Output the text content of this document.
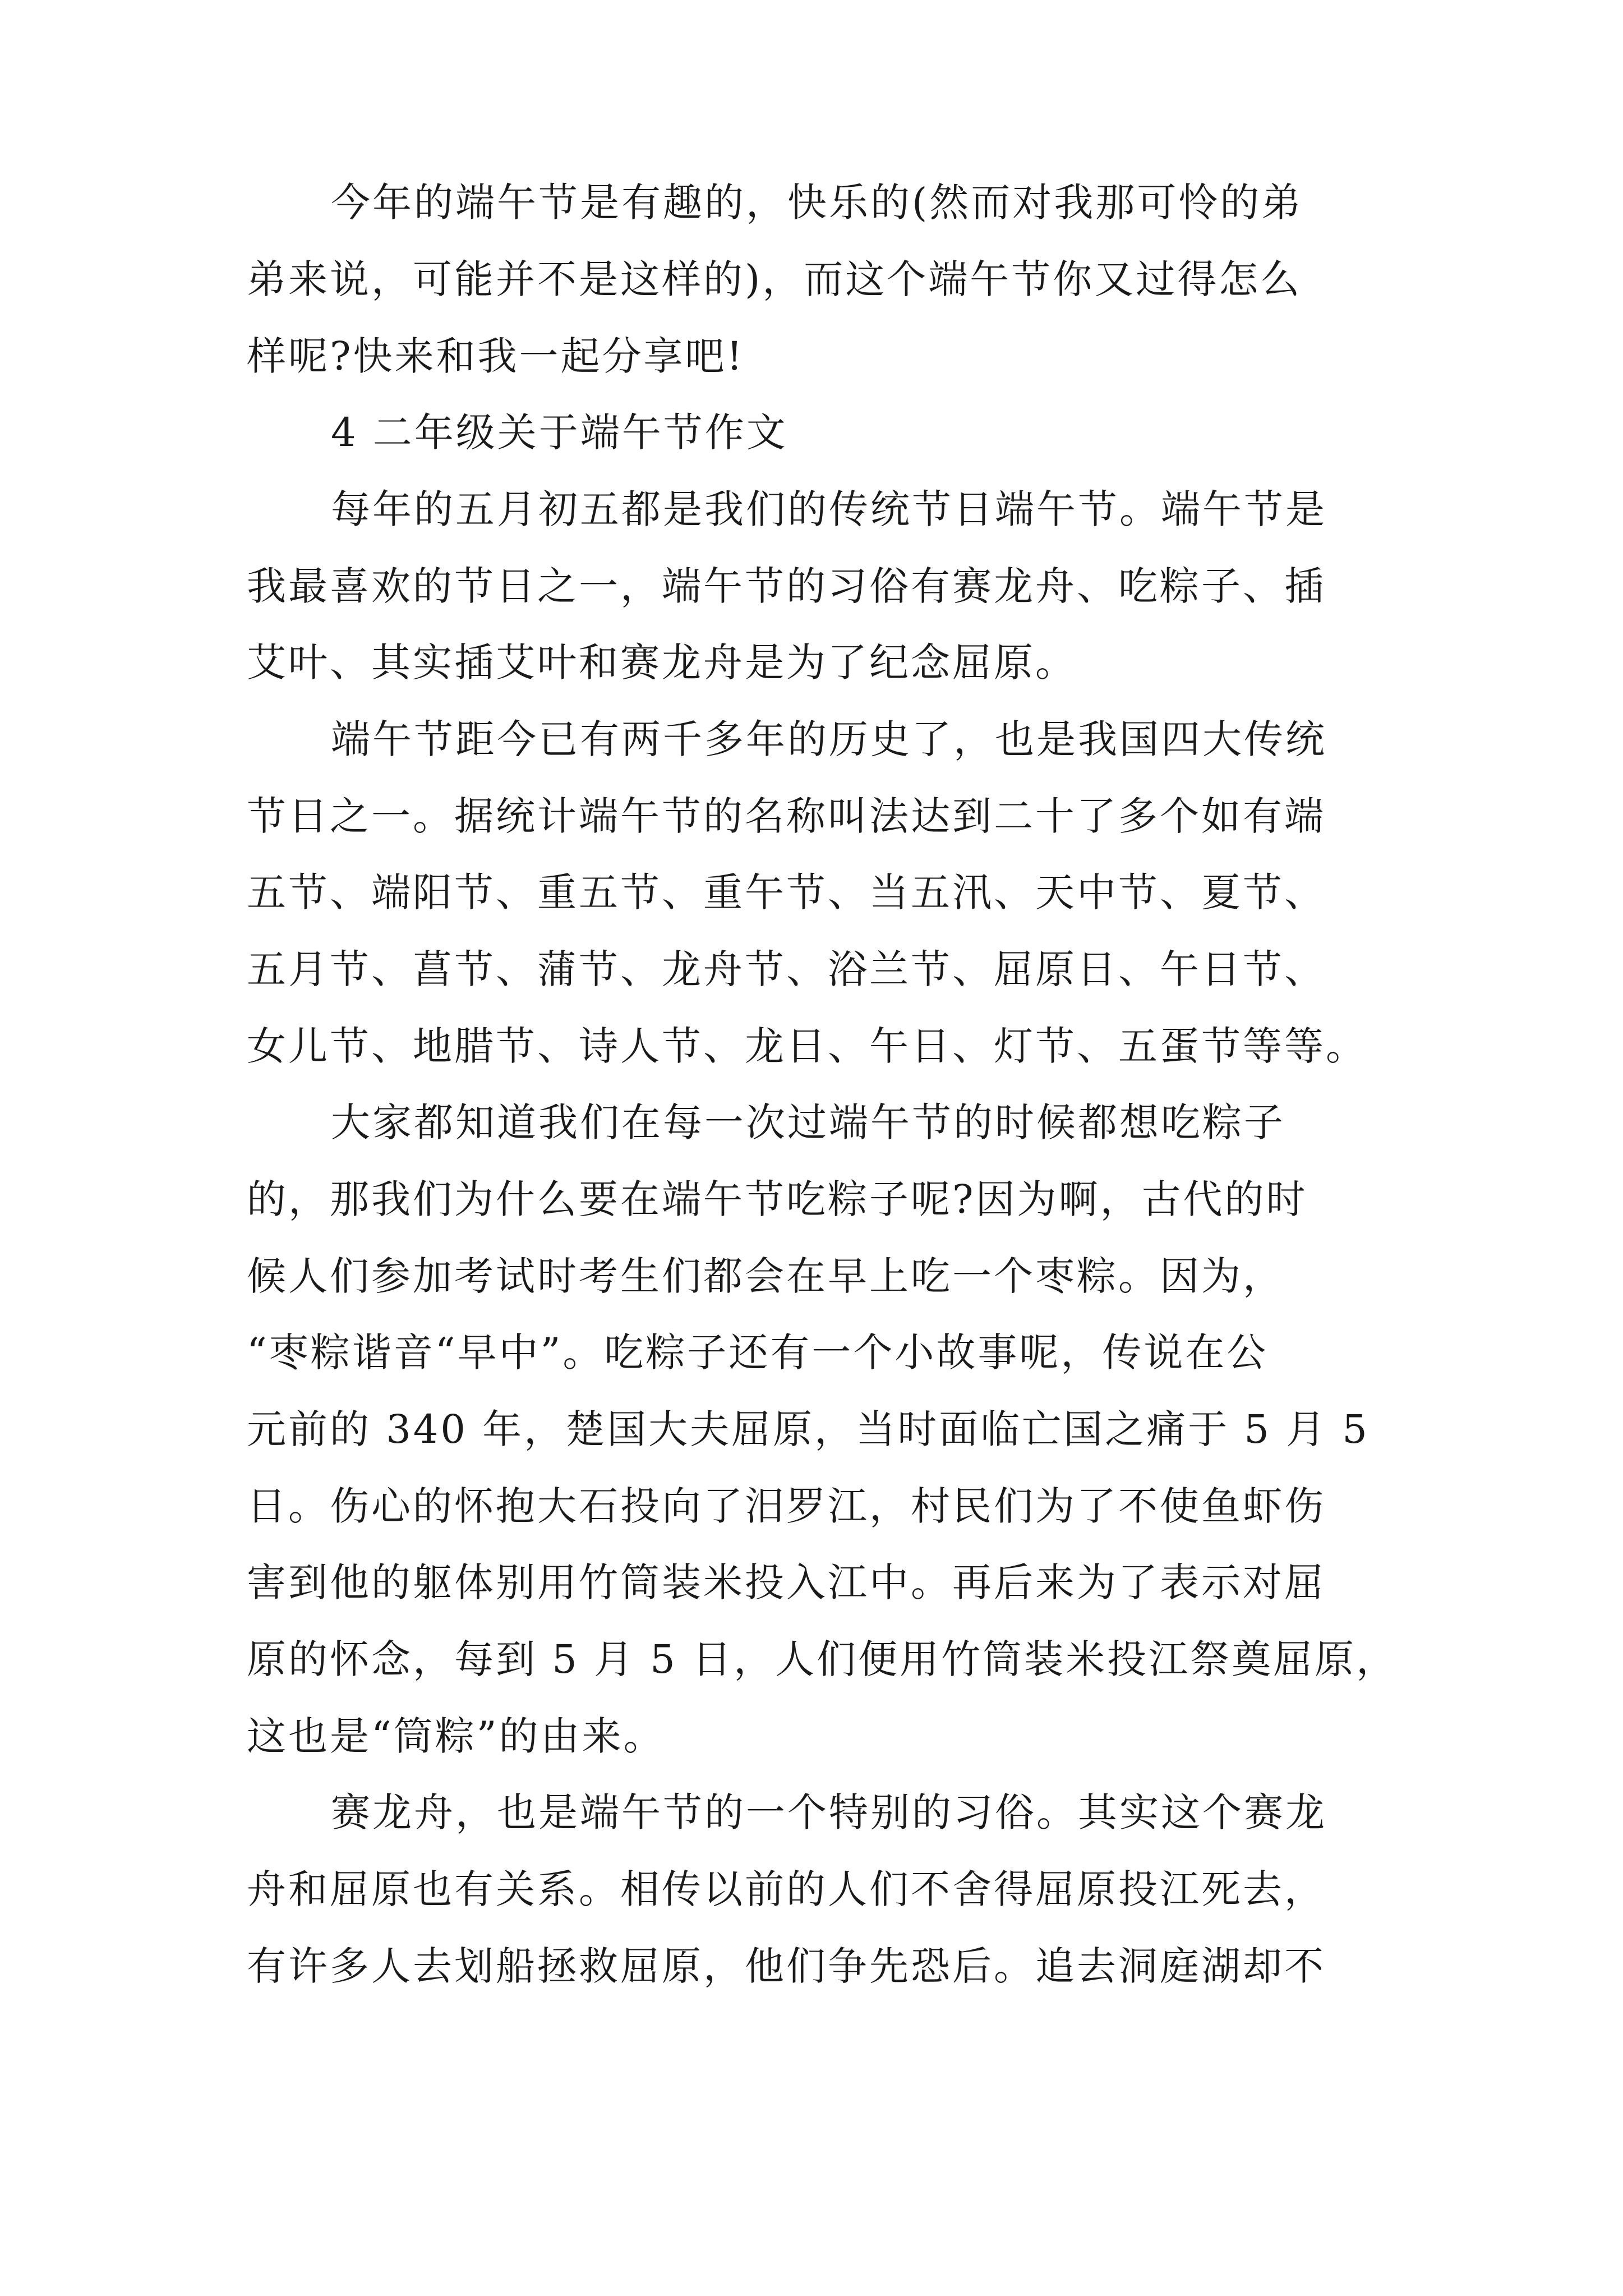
今年的端午节是有趣的，快乐的(然而对我那可怜的弟
弟来说，可能并不是这样的)，而这个端午节你又过得怎么
样呢?快来和我一起分享吧!
4 二年级关于端午节作文
每年的五月初五都是我们的传统节日端午节。端午节是
我最喜欢的节日之一，端午节的习俗有赛龙舟、吃粽子、插
艾叶、其实插艾叶和赛龙舟是为了纪念屈原。
端午节距今已有两千多年的历史了，也是我国四大传统
节日之一。据统计端午节的名称叫法达到二十了多个如有端
五节、端阳节、重五节、重午节、当五汛、天中节、夏节、
五月节、菖节、蒲节、龙舟节、浴兰节、屈原日、午日节、
女儿节、地腊节、诗人节、龙日、午日、灯节、五蛋节等等。
大家都知道我们在每一次过端午节的时候都想吃粽子
的，那我们为什么要在端午节吃粽子呢?因为啊，古代的时
候人们参加考试时考生们都会在早上吃一个枣粽。因为，
“枣粽谐音“早中”。吃粽子还有一个小故事呢，传说在公
元前的 340 年，楚国大夫屈原，当时面临亡国之痛于 5 月 5
日。伤心的怀抱大石投向了汨罗江，村民们为了不使鱼虾伤
害到他的躯体别用竹筒装米投入江中。再后来为了表示对屈
原的怀念，每到 5 月 5 日，人们便用竹筒装米投江祭奠屈原，
这也是“筒粽”的由来。
赛龙舟，也是端午节的一个特别的习俗。其实这个赛龙
舟和屈原也有关系。相传以前的人们不舍得屈原投江死去，
有许多人去划船拯救屈原，他们争先恐后。追去洞庭湖却不
